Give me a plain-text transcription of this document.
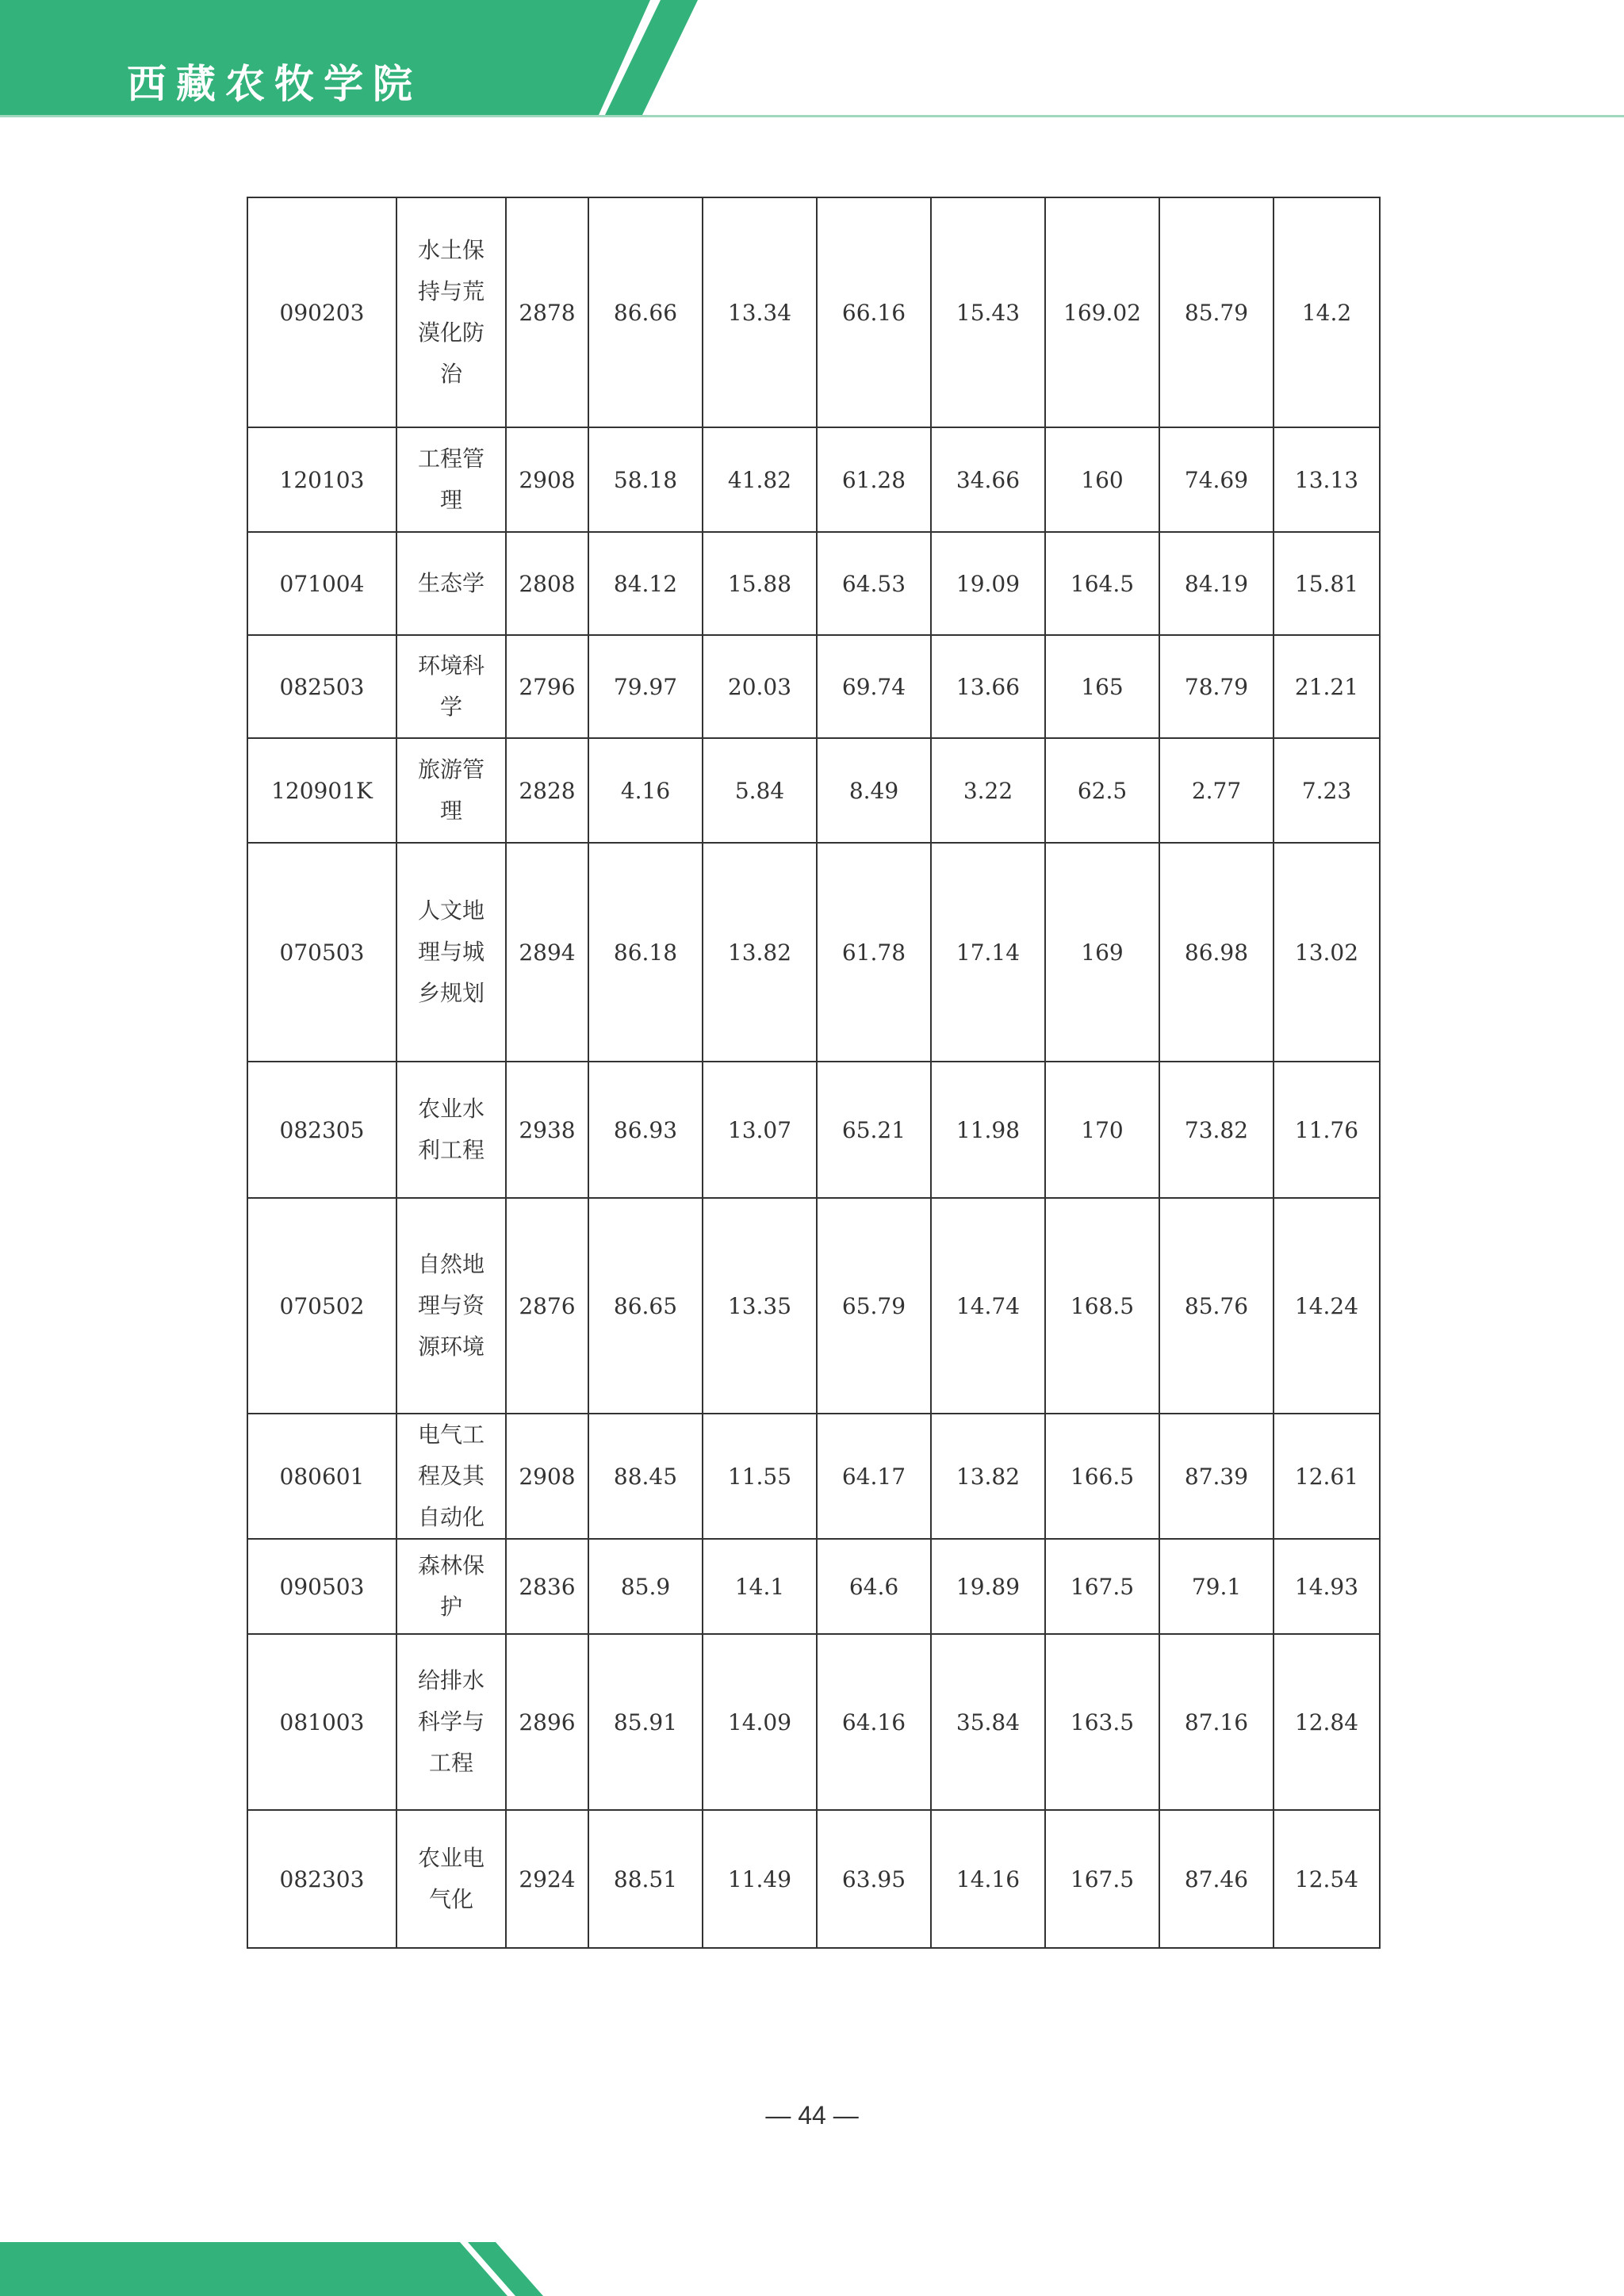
西藏农牧学院
090203	水土保持与荒漠化防治	2878	86.66	13.34	66.16	15.43	169.02	85.79	14.2
120103	工程管理	2908	58.18	41.82	61.28	34.66	160	74.69	13.13
071004	生态学	2808	84.12	15.88	64.53	19.09	164.5	84.19	15.81
082503	环境科学	2796	79.97	20.03	69.74	13.66	165	78.79	21.21
120901K	旅游管理	2828	4.16	5.84	8.49	3.22	62.5	2.77	7.23
070503	人文地理与城乡规划	2894	86.18	13.82	61.78	17.14	169	86.98	13.02
082305	农业水利工程	2938	86.93	13.07	65.21	11.98	170	73.82	11.76
070502	自然地理与资源环境	2876	86.65	13.35	65.79	14.74	168.5	85.76	14.24
080601	电气工程及其自动化	2908	88.45	11.55	64.17	13.82	166.5	87.39	12.61
090503	森林保护	2836	85.9	14.1	64.6	19.89	167.5	79.1	14.93
081003	给排水科学与工程	2896	85.91	14.09	64.16	35.84	163.5	87.16	12.84
082303	农业电气化	2924	88.51	11.49	63.95	14.16	167.5	87.46	12.54
— 44 —
